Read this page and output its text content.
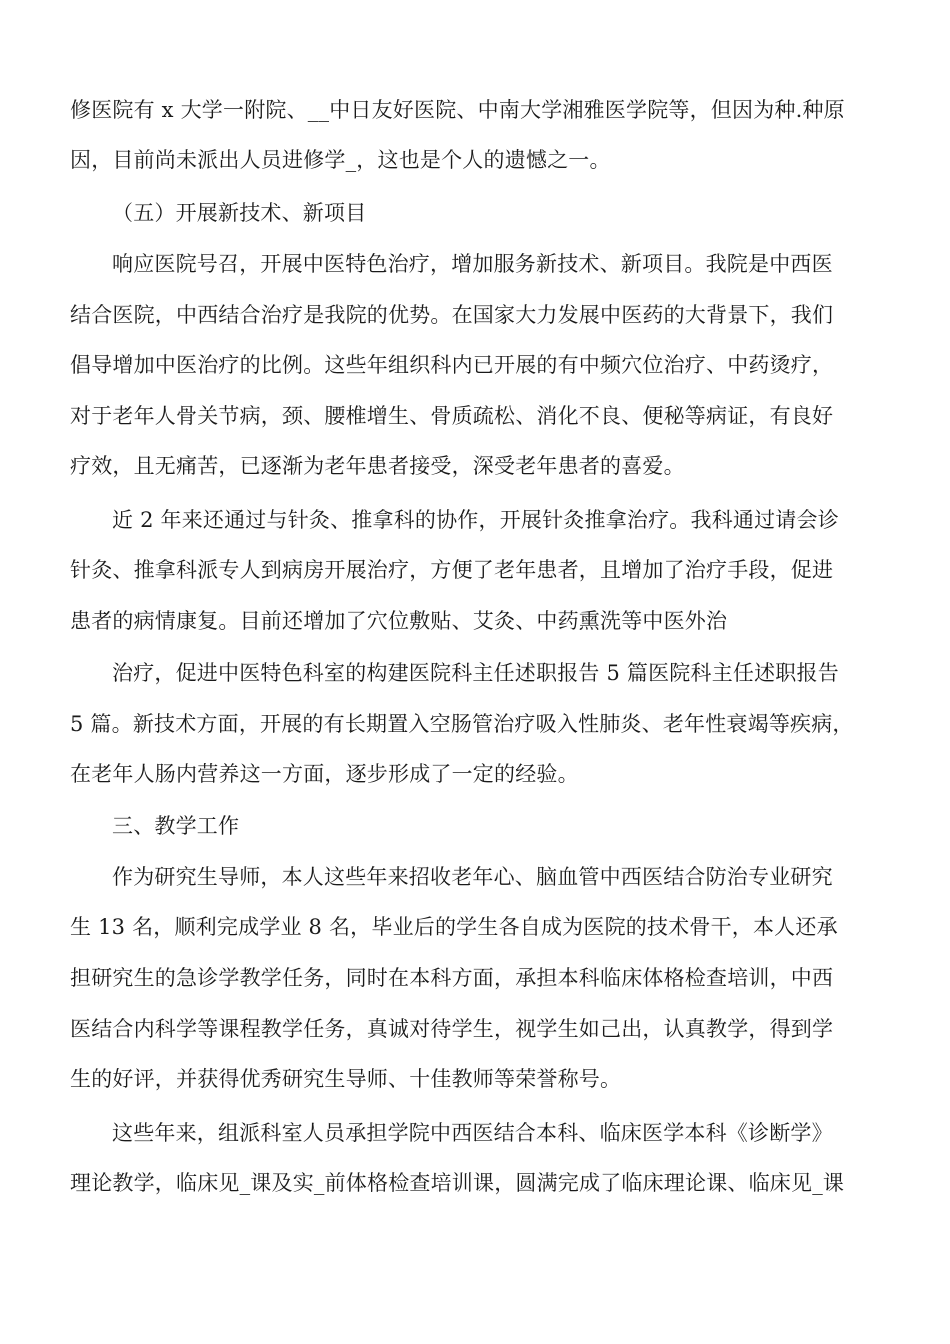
修医院有 x 大学一附院、__中日友好医院、中南大学湘雅医学院等，但因为种.种原
因，目前尚未派出人员进修学_，这也是个人的遗憾之一。
（五）开展新技术、新项目
响应医院号召，开展中医特色治疗，增加服务新技术、新项目。我院是中西医
结合医院，中西结合治疗是我院的优势。在国家大力发展中医药的大背景下，我们
倡导增加中医治疗的比例。这些年组织科内已开展的有中频穴位治疗、中药烫疗，
对于老年人骨关节病，颈、腰椎增生、骨质疏松、消化不良、便秘等病证，有良好
疗效，且无痛苦，已逐渐为老年患者接受，深受老年患者的喜爱。
近 2 年来还通过与针灸、推拿科的协作，开展针灸推拿治疗。我科通过请会诊
针灸、推拿科派专人到病房开展治疗，方便了老年患者，且增加了治疗手段，促进
患者的病情康复。目前还增加了穴位敷贴、艾灸、中药熏洗等中医外治
治疗，促进中医特色科室的构建医院科主任述职报告 5 篇医院科主任述职报告
5 篇。新技术方面，开展的有长期置入空肠管治疗吸入性肺炎、老年性衰竭等疾病，
在老年人肠内营养这一方面，逐步形成了一定的经验。
三、教学工作
作为研究生导师，本人这些年来招收老年心、脑血管中西医结合防治专业研究
生 13 名，顺利完成学业 8 名，毕业后的学生各自成为医院的技术骨干，本人还承
担研究生的急诊学教学任务，同时在本科方面，承担本科临床体格检查培训，中西
医结合内科学等课程教学任务，真诚对待学生，视学生如己出，认真教学，得到学
生的好评，并获得优秀研究生导师、十佳教师等荣誉称号。
这些年来，组派科室人员承担学院中西医结合本科、临床医学本科《诊断学》
理论教学，临床见_课及实_前体格检查培训课，圆满完成了临床理论课、临床见_课
